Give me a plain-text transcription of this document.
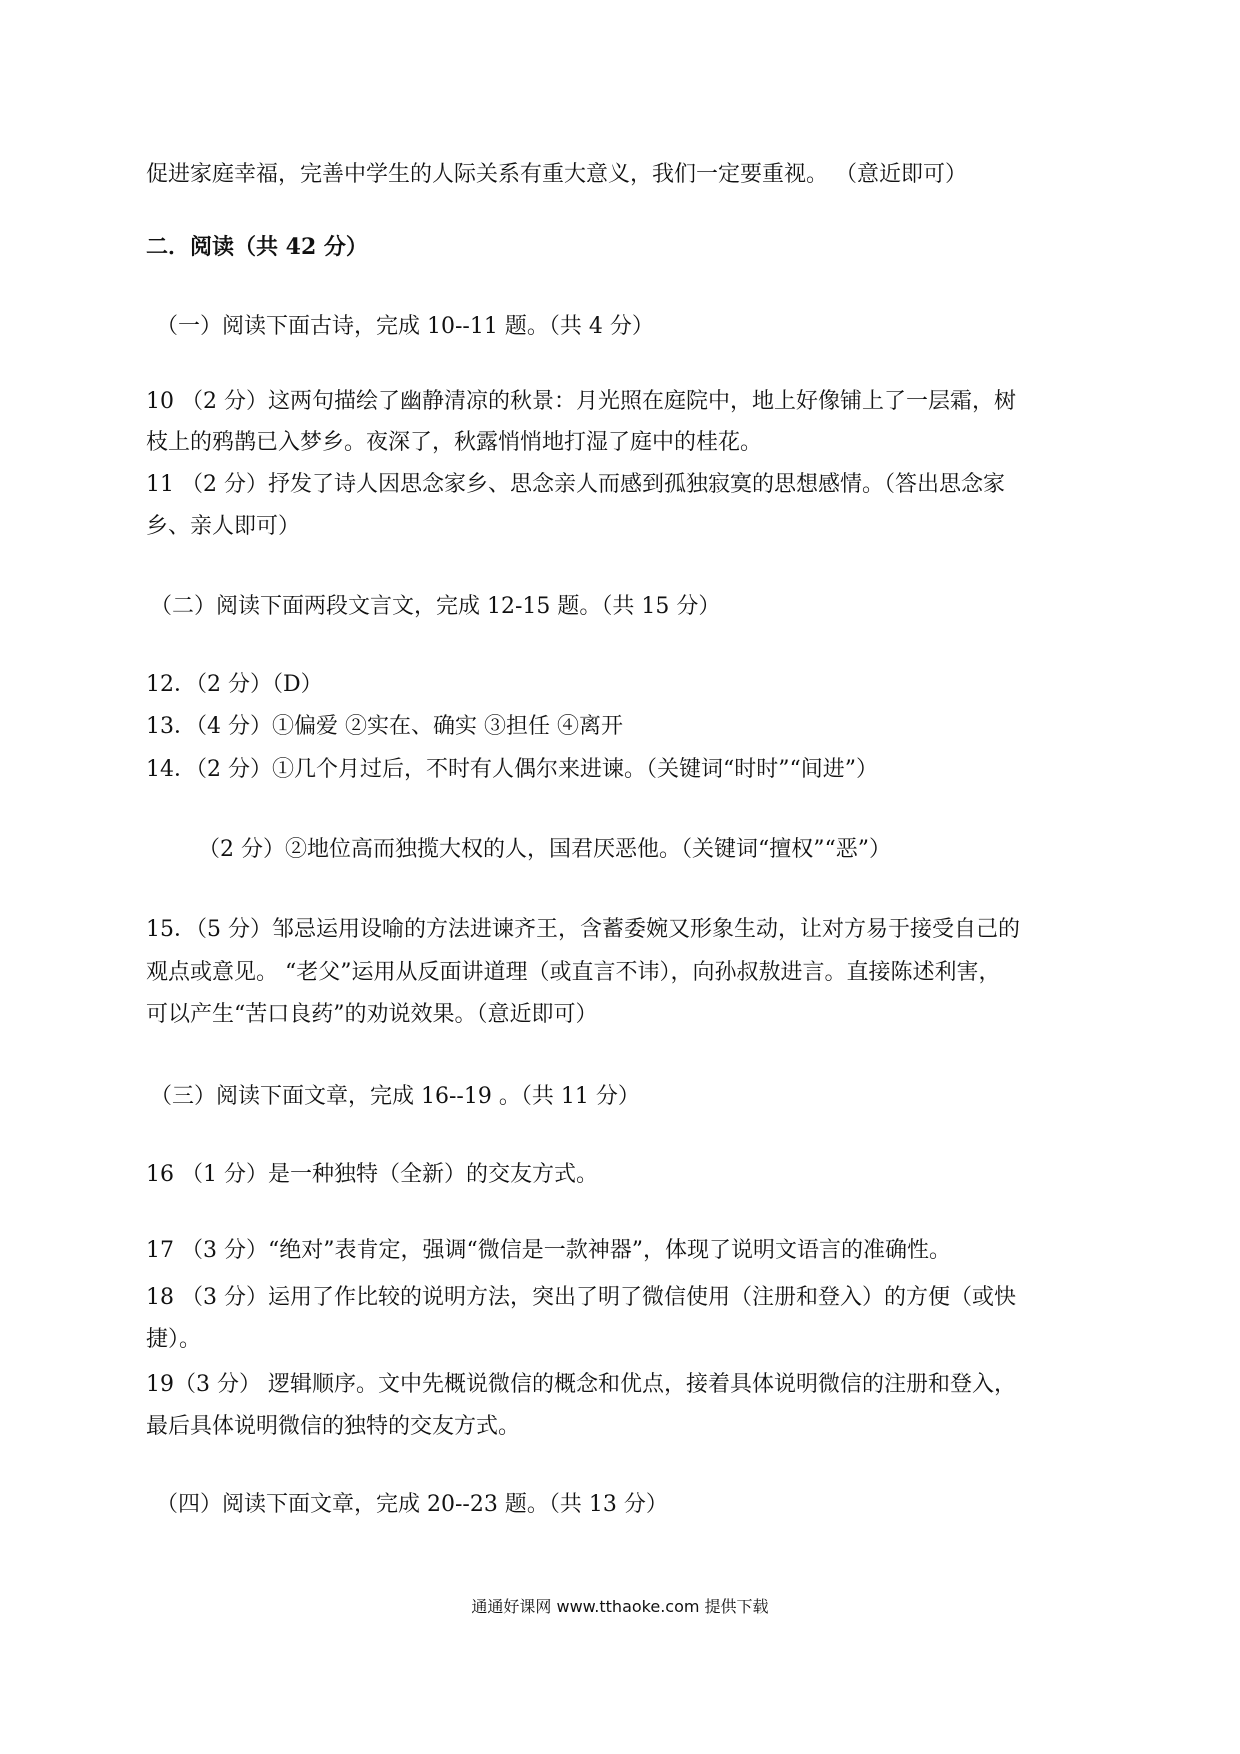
促进家庭幸福，完善中学生的人际关系有重大意义，我们一定要重视。 （意近即可）
二．阅读（共 42 分）
（一）阅读下面古诗，完成 10--11 题。（共 4 分）
10 （2 分）这两句描绘了幽静清凉的秋景：月光照在庭院中，地上好像铺上了一层霜，树
枝上的鸦鹊已入梦乡。夜深了，秋露悄悄地打湿了庭中的桂花。
11 （2 分）抒发了诗人因思念家乡、思念亲人而感到孤独寂寞的思想感情。（答出思念家
乡、亲人即可）
（二）阅读下面两段文言文，完成 12-15 题。（共 15 分）
12．（2 分）（D）
13．（4 分）①偏爱 ②实在、确实 ③担任 ④离开
14．（2 分）①几个月过后，不时有人偶尔来进谏。（关键词“时时”“间进”）
（2 分）②地位高而独揽大权的人，国君厌恶他。（关键词“擅权”“恶”）
15．（5 分）邹忌运用设喻的方法进谏齐王，含蓄委婉又形象生动，让对方易于接受自己的
观点或意见。 “老父”运用从反面讲道理（或直言不讳），向孙叔敖进言。直接陈述利害，
可以产生“苦口良药”的劝说效果。（意近即可）
（三）阅读下面文章，完成 16--19 。（共 11 分）
16 （1 分）是一种独特（全新）的交友方式。
17 （3 分）“绝对”表肯定，强调“微信是一款神器”，体现了说明文语言的准确性。
18 （3 分）运用了作比较的说明方法，突出了明了微信使用（注册和登入）的方便（或快
捷）。
19（3 分） 逻辑顺序。文中先概说微信的概念和优点，接着具体说明微信的注册和登入，
最后具体说明微信的独特的交友方式。
（四）阅读下面文章，完成 20--23 题。（共 13 分）
通通好课网 www.tthaoke.com 提供下载
